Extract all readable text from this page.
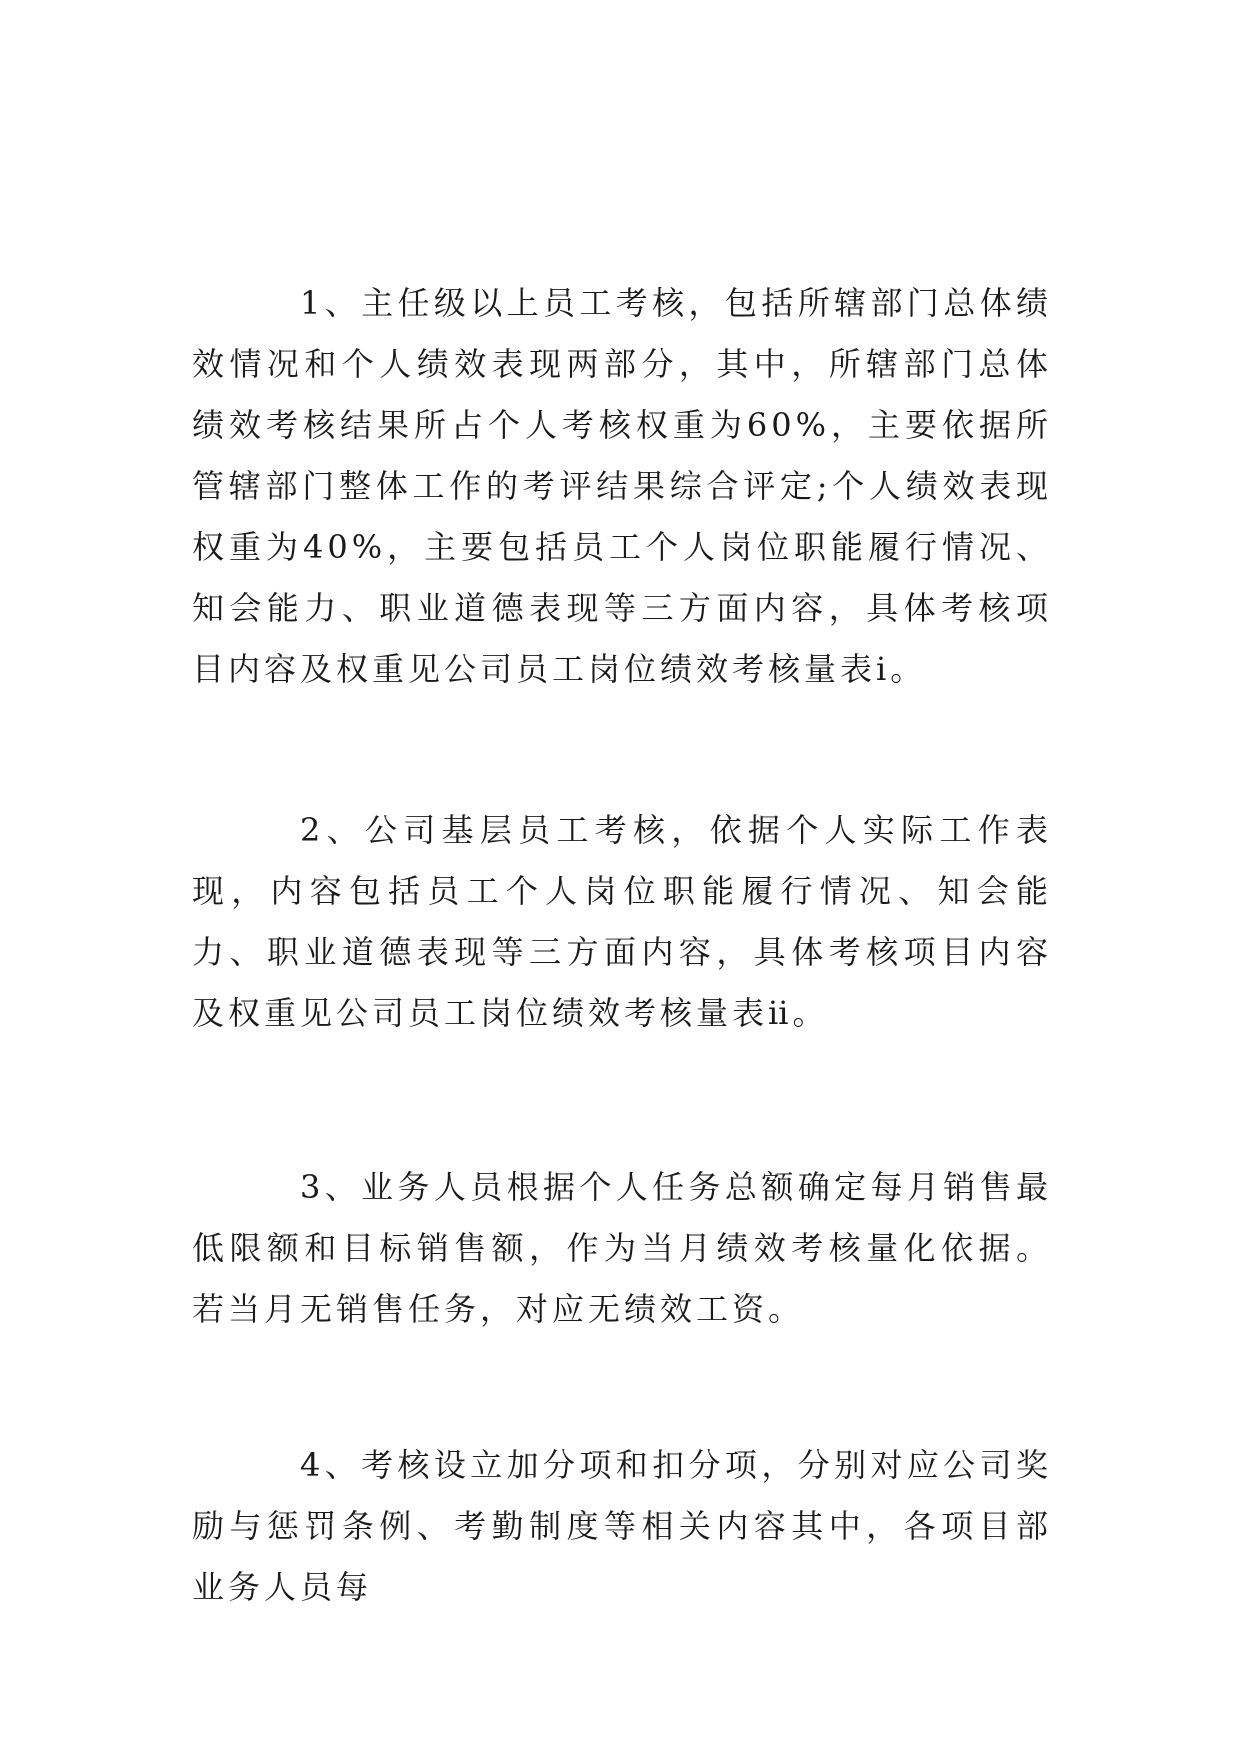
1、主任级以上员工考核，包括所辖部门总体绩效情况和个人绩效表现两部分，其中，所辖部门总体绩效考核结果所占个人考核权重为60%，主要依据所管辖部门整体工作的考评结果综合评定;个人绩效表现权重为40%，主要包括员工个人岗位职能履行情况、知会能力、职业道德表现等三方面内容，具体考核项目内容及权重见公司员工岗位绩效考核量表ⅰ。

2、公司基层员工考核，依据个人实际工作表现，内容包括员工个人岗位职能履行情况、知会能力、职业道德表现等三方面内容，具体考核项目内容及权重见公司员工岗位绩效考核量表ⅱ。

3、业务人员根据个人任务总额确定每月销售最低限额和目标销售额，作为当月绩效考核量化依据。若当月无销售任务，对应无绩效工资。

4、考核设立加分项和扣分项，分别对应公司奖励与惩罚条例、考勤制度等相关内容其中，各项目部业务人员每
